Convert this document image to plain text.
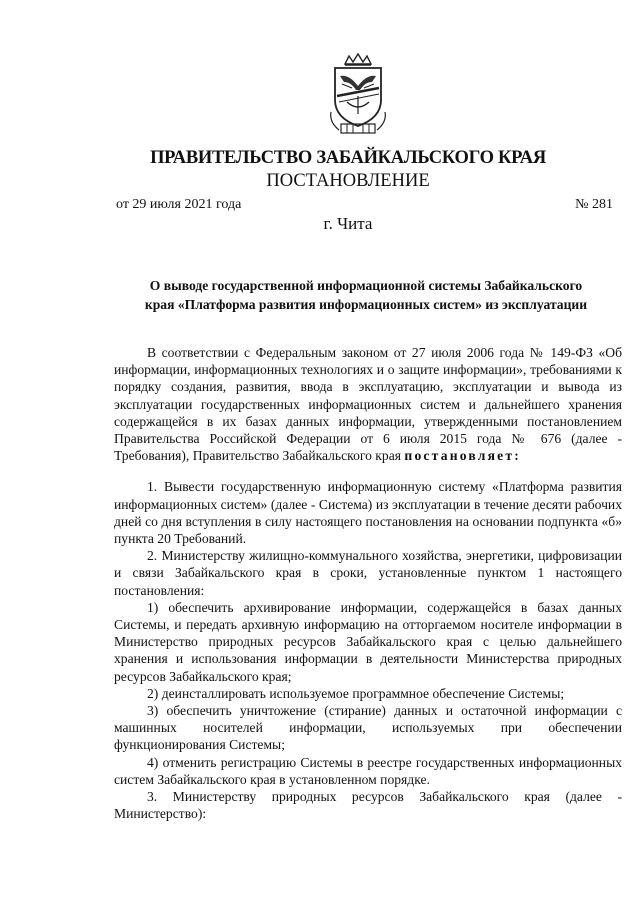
ПРАВИТЕЛЬСТВО ЗАБАЙКАЛЬСКОГО КРАЯ
ПОСТАНОВЛЕНИЕ
от 29 июля 2021 года	№ 281
г. Чита
О выводе государственной информационной системы Забайкальского
края «Платформа развития информационных систем» из эксплуатации

В соответствии с Федеральным законом от 27 июля 2006 года № 149-ФЗ «Об информации, информационных технологиях и о защите информации», требованиями к порядку создания, развития, ввода в эксплуатацию, эксплуатации и вывода из эксплуатации государственных информационных систем и дальнейшего хранения содержащейся в их базах данных информации, утвержденными постановлением Правительства Российской Федерации от 6 июля 2015 года № 676 (далее - Требования), Правительство Забайкальского края постановляет:

1. Вывести государственную информационную систему «Платформа развития информационных систем» (далее - Система) из эксплуатации в течение десяти рабочих дней со дня вступления в силу настоящего постановления на основании подпункта «б» пункта 20 Требований.

2. Министерству жилищно-коммунального хозяйства, энергетики, цифровизации и связи Забайкальского края в сроки, установленные пунктом 1 настоящего постановления:

1) обеспечить архивирование информации, содержащейся в базах данных Системы, и передать архивную информацию на отторгаемом носителе информации в Министерство природных ресурсов Забайкальского края с целью дальнейшего хранения и использования информации в деятельности Министерства природных ресурсов Забайкальского края;

2) деинсталлировать используемое программное обеспечение Системы;

3) обеспечить уничтожение (стирание) данных и остаточной информации с машинных носителей информации, используемых при обеспечении функционирования Системы;

4) отменить регистрацию Системы в реестре государственных информационных систем Забайкальского края в установленном порядке.

3. Министерству природных ресурсов Забайкальского края (далее - Министерство):
